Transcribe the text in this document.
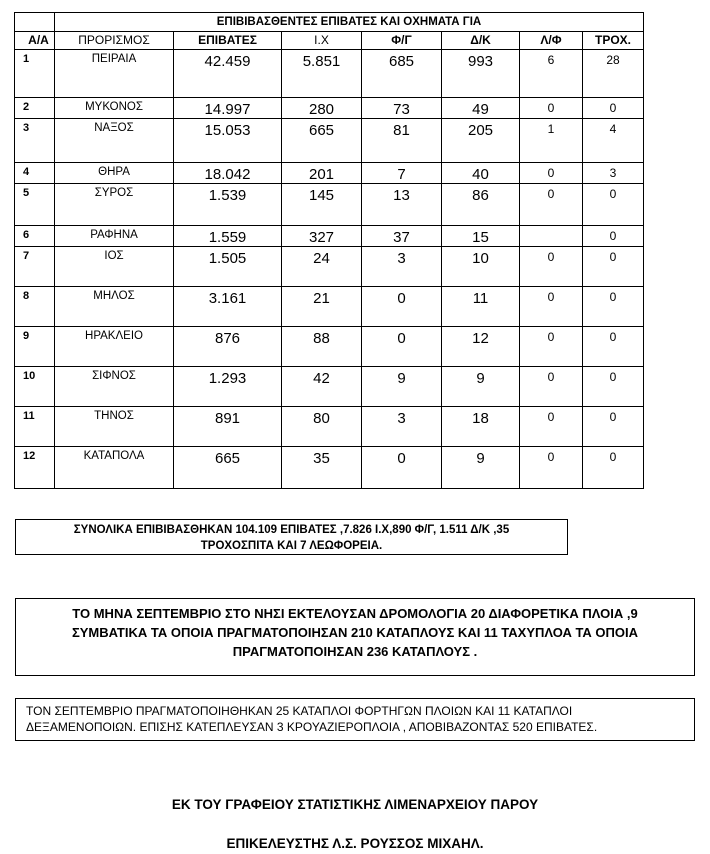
	ΕΠΙΒΙΒΑΣΘΕΝΤΕΣ ΕΠΙΒΑΤΕΣ ΚΑΙ ΟΧΗΜΑΤΑ ΓΙΑ						
Α/Α	ΠΡΟΡΙΣΜΟΣ	ΕΠΙΒΑΤΕΣ	Ι.Χ	Φ/Γ	Δ/Κ	Λ/Φ	ΤΡΟΧ.
1	ΠΕΙΡΑΙΑ	42.459	5.851	685	993	6	28
2	ΜΥΚΟΝΟΣ	14.997	280	73	49	0	0
3	ΝΑΞΟΣ	15.053	665	81	205	1	4
4	ΘΗΡΑ	18.042	201	7	40	0	3
5	ΣΥΡΟΣ	1.539	145	13	86	0	0
6	ΡΑΦΗΝΑ	1.559	327	37	15		0
7	ΙΟΣ	1.505	24	3	10	0	0
8	ΜΗΛΟΣ	3.161	21	0	11	0	0
9	ΗΡΑΚΛΕΙΟ	876	88	0	12	0	0
10	ΣΙΦΝΟΣ	1.293	42	9	9	0	0
11	ΤΗΝΟΣ	891	80	3	18	0	0
12	ΚΑΤΑΠΟΛΑ	665	35	0	9	0	0
ΣΥΝΟΛΙΚΑ ΕΠΙΒΙΒΑΣΘΗΚΑΝ 104.109 ΕΠΙΒΑΤΕΣ ,7.826 Ι.Χ,890 Φ/Γ, 1.511 Δ/Κ ,35
ΤΡΟΧΟΣΠΙΤΑ ΚΑΙ 7 ΛΕΩΦΟΡΕΙΑ.
ΤΟ ΜΗΝΑ ΣΕΠΤΕΜΒΡΙΟ ΣΤΟ ΝΗΣΙ ΕΚΤΕΛΟΥΣΑΝ ΔΡΟΜΟΛΟΓΙΑ 20 ΔΙΑΦΟΡΕΤΙΚΑ ΠΛΟΙΑ ,9
ΣΥΜΒΑΤΙΚΑ ΤΑ ΟΠΟΙΑ ΠΡΑΓΜΑΤΟΠΟΙΗΣΑΝ 210 ΚΑΤΑΠΛΟΥΣ ΚΑΙ 11 ΤΑΧΥΠΛΟΑ ΤΑ ΟΠΟΙΑ
ΠΡΑΓΜΑΤΟΠΟΙΗΣΑΝ 236 ΚΑΤΑΠΛΟΥΣ .
ΤΟΝ ΣΕΠΤΕΜΒΡΙΟ ΠΡΑΓΜΑΤΟΠΟΙΗΘΗΚΑΝ 25 ΚΑΤΑΠΛΟΙ ΦΟΡΤΗΓΩΝ ΠΛΟΙΩΝ ΚΑΙ 11 ΚΑΤΑΠΛΟΙ
ΔΕΞΑΜΕΝΟΠΟΙΩΝ. ΕΠΙΣΗΣ ΚΑΤΕΠΛΕΥΣΑΝ 3 ΚΡΟΥΑΖΙΕΡΟΠΛΟΙΑ , ΑΠΟΒΙΒΑΖΟΝΤΑΣ 520 ΕΠΙΒΑΤΕΣ.
ΕΚ ΤΟΥ ΓΡΑΦΕΙΟΥ ΣΤΑΤΙΣΤΙΚΗΣ ΛΙΜΕΝΑΡΧΕΙΟΥ ΠΑΡΟΥ
ΕΠΙΚΕΛΕΥΣΤΗΣ Λ.Σ. ΡΟΥΣΣΟΣ ΜΙΧΑΗΛ.
